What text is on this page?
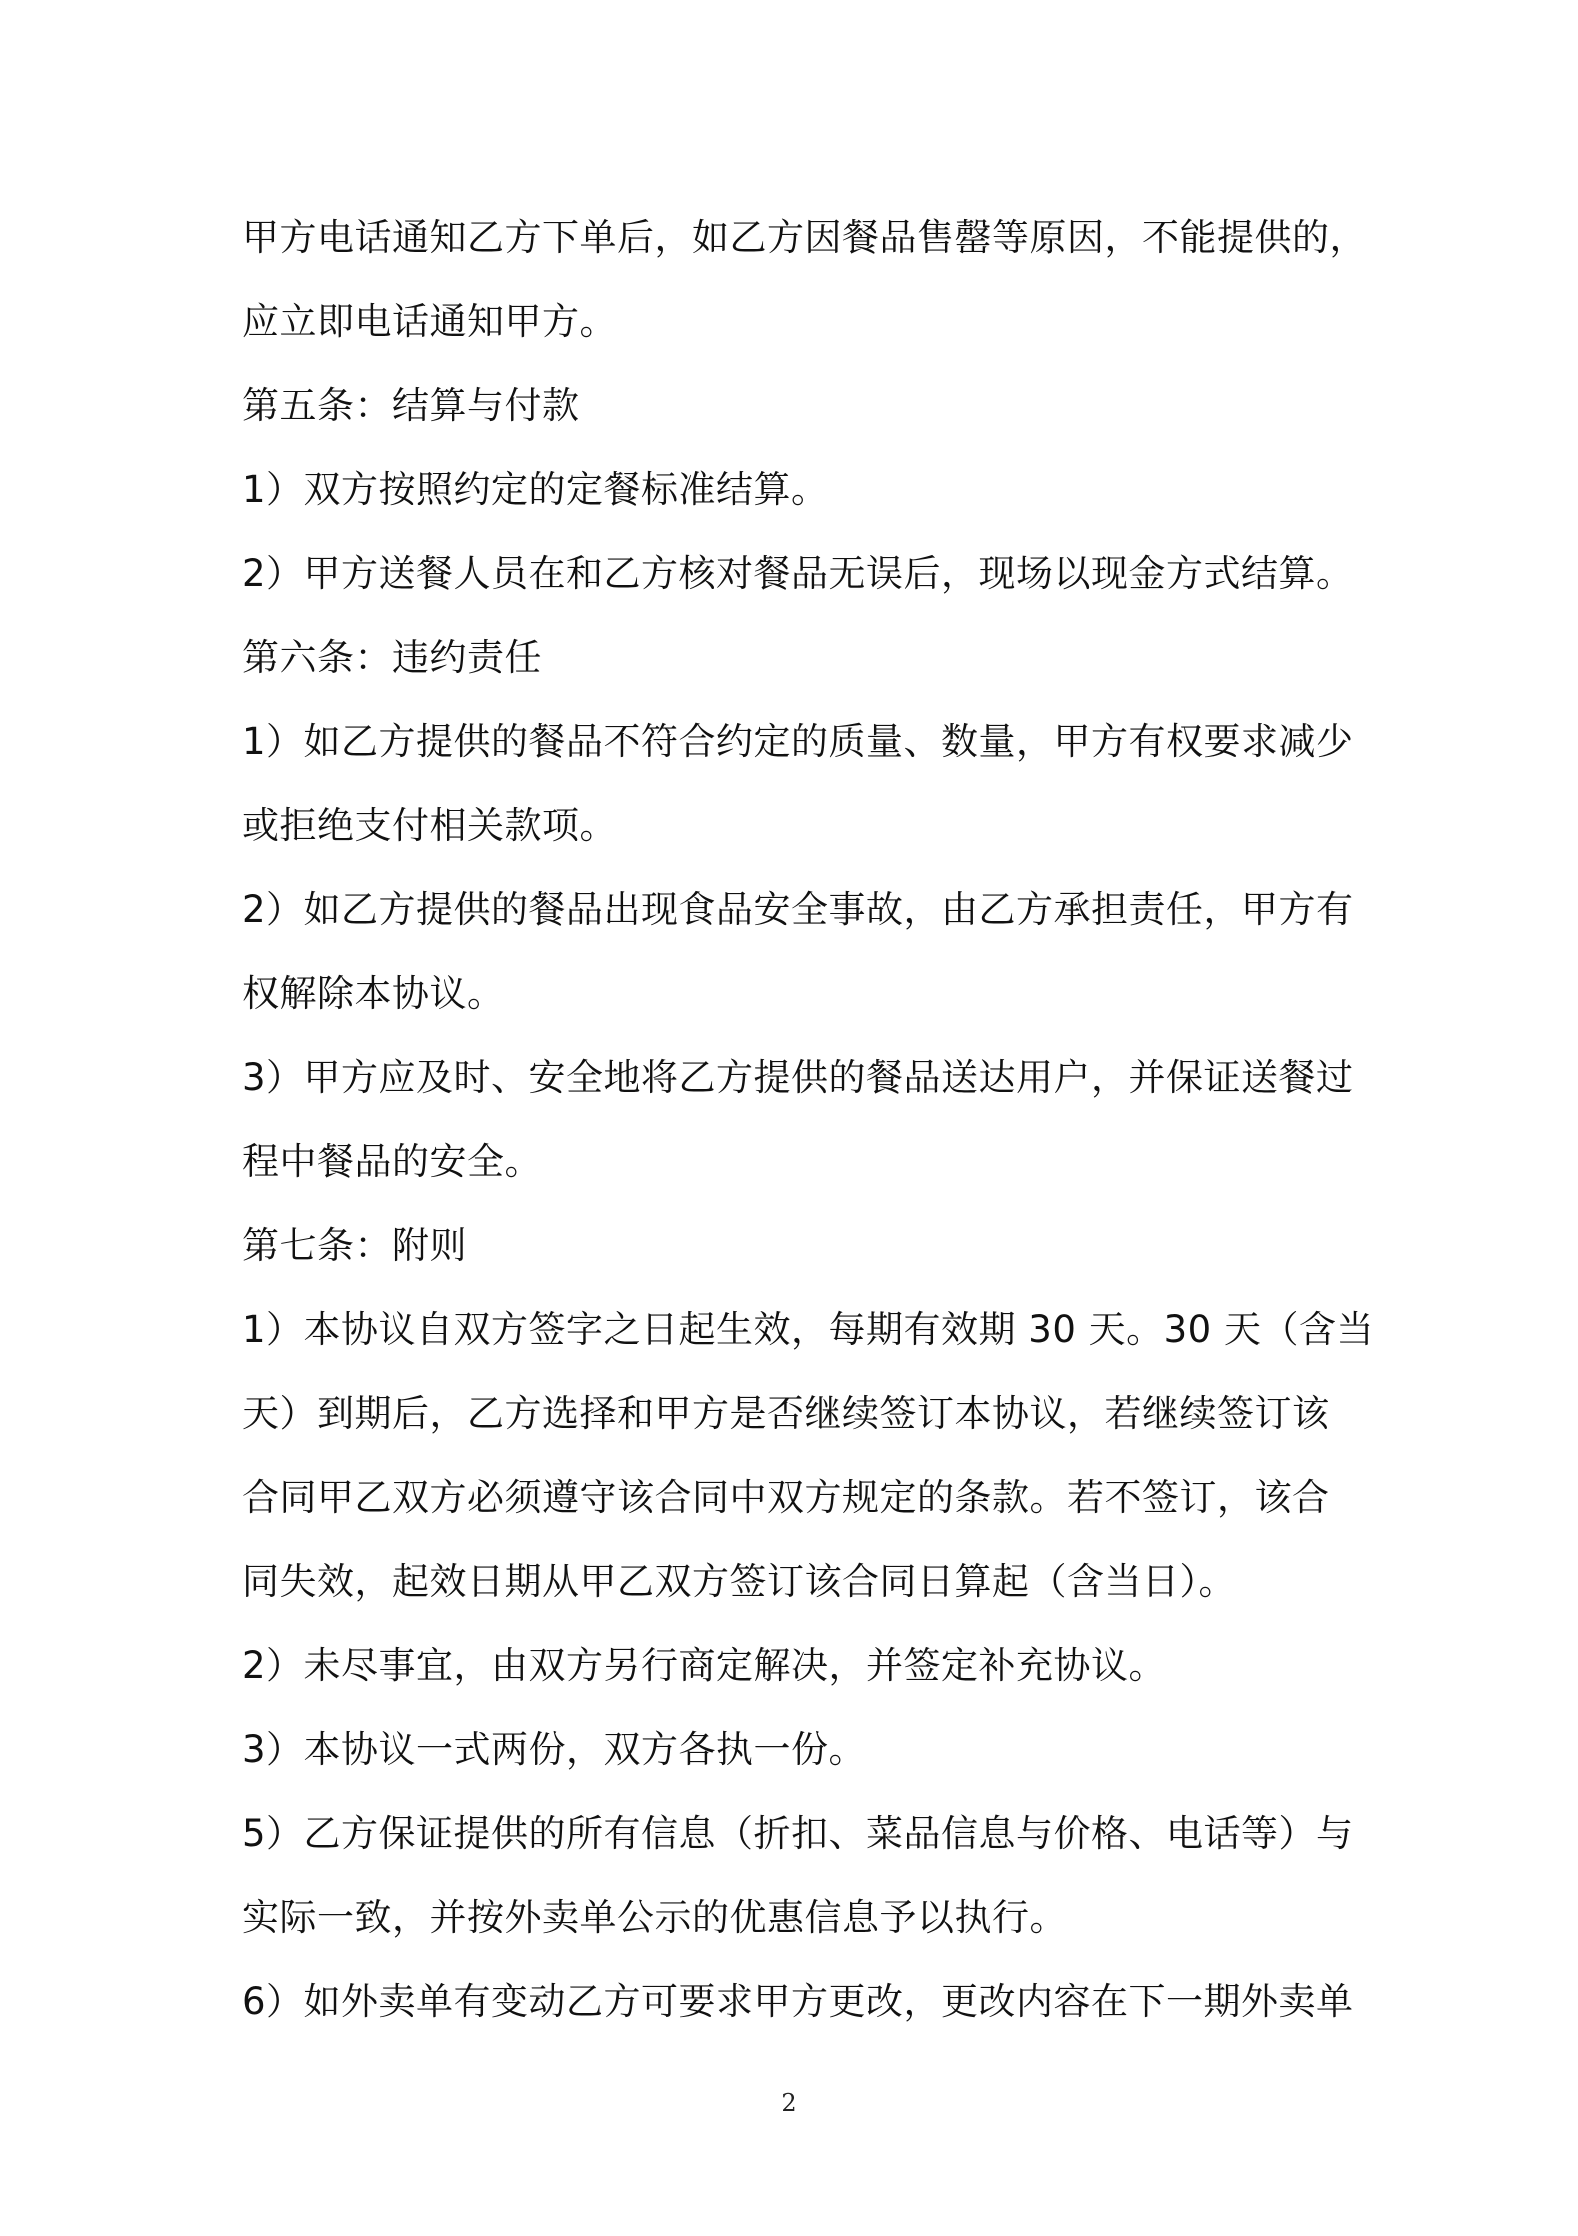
甲方电话通知乙方下单后，如乙方因餐品售罄等原因，不能提供的，
应立即电话通知甲方。
第五条：结算与付款
1）双方按照约定的定餐标准结算。
2）甲方送餐人员在和乙方核对餐品无误后，现场以现金方式结算。
第六条：违约责任
1）如乙方提供的餐品不符合约定的质量、数量，甲方有权要求减少
或拒绝支付相关款项。
2）如乙方提供的餐品出现食品安全事故，由乙方承担责任，甲方有
权解除本协议。
3）甲方应及时、安全地将乙方提供的餐品送达用户，并保证送餐过
程中餐品的安全。
第七条：附则
1）本协议自双方签字之日起生效，每期有效期 30 天。30 天（含当
天）到期后，乙方选择和甲方是否继续签订本协议，若继续签订该
合同甲乙双方必须遵守该合同中双方规定的条款。若不签订，该合
同失效，起效日期从甲乙双方签订该合同日算起（含当日）。
2）未尽事宜，由双方另行商定解决，并签定补充协议。
3）本协议一式两份，双方各执一份。
5）乙方保证提供的所有信息（折扣、菜品信息与价格、电话等）与
实际一致，并按外卖单公示的优惠信息予以执行。
6）如外卖单有变动乙方可要求甲方更改，更改内容在下一期外卖单
2
